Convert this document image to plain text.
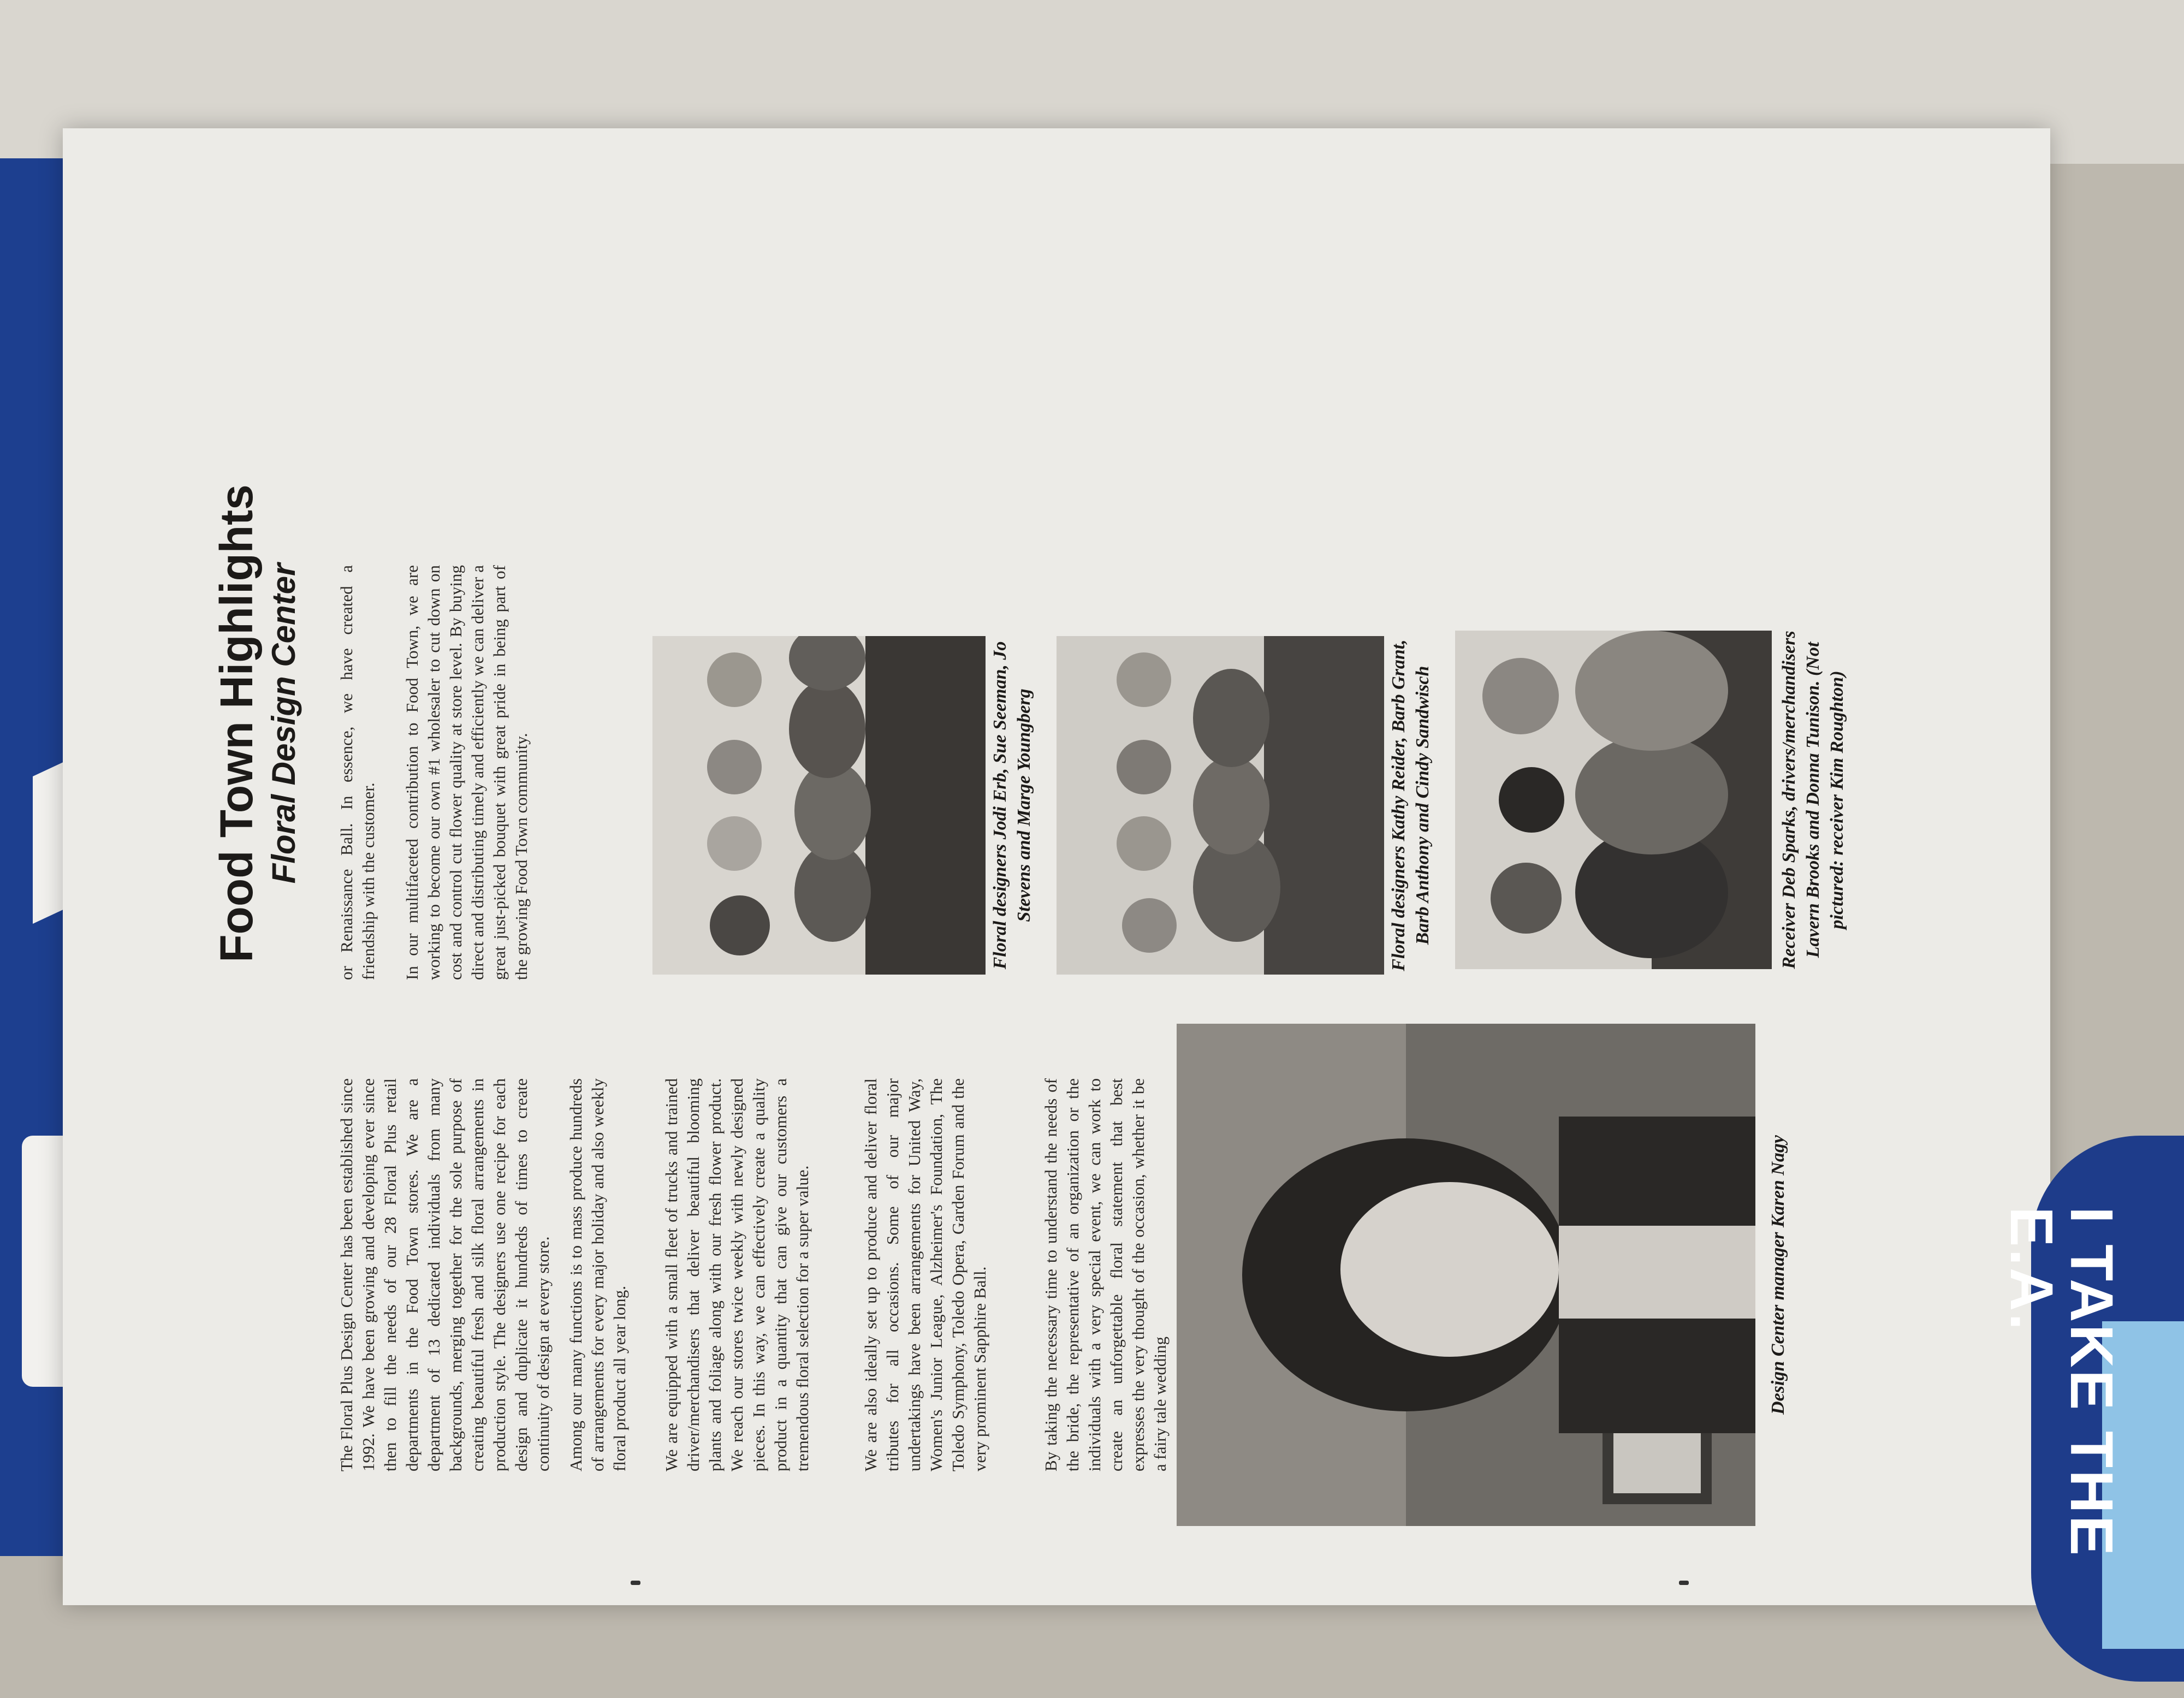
Food Town Highlights Floral Design Center

The Floral Plus Design Center has been established since 1992. We have been growing and developing ever since then to fill the needs of our 28 Floral Plus retail departments in the Food Town stores. We are a department of 13 dedicated individuals from many backgrounds, merging together for the sole purpose of creating beautiful fresh and silk floral arrangements in production style. The designers use one recipe for each design and duplicate it hundreds of times to create continuity of design at every store. Among our many functions is to mass produce hundreds of arrangements for every major holiday and also weekly floral product all year long. We are equipped with a small fleet of trucks and trained driver/merchandisers that deliver beautiful blooming plants and foliage along with our fresh flower product. We reach our stores twice weekly with newly designed pieces. In this way, we can effectively create a quality product in a quantity that can give our customers a tremendous floral selection for a super value.	We are also ideally set up to produce and deliver floral tributes for all occasions. Some of our major undertakings have been arrangements for United Way, Women's Junior League, Alzheimer's Foundation, The Toledo Symphony, Toledo Opera, Garden Forum and the very prominent Sapphire Ball.	By taking the necessary time to understand the needs of the bride, the representative of an organization or the individuals with a very special event, we can work to create an unforgettable floral statement that best expresses the very thought of the occasion, whether it be a fairy tale wedding	Design Center manager Karen Nagy

or Renaissance Ball. In essence, we have created a friendship with the customer. In our multifaceted contribution to Food Town, we are working to become our own #1 wholesaler to cut down on cost and control cut flower quality at store level. By buying direct and distributing timely and efficiently we can deliver a great just-picked bouquet with great pride in being part of the growing Food Town community.	Floral designers Jodi Erb, Sue Seeman, Jo Stevens and Marge Youngberg	Floral designers Kathy Reider, Barb Grant, Barb Anthony and Cindy Sandwisch	Receiver Deb Sparks, drivers/merchandisers Lavern Brooks and Donna Tunison. (Not pictured: receiver Kim Roughton)
I TAKE THE E.A.
